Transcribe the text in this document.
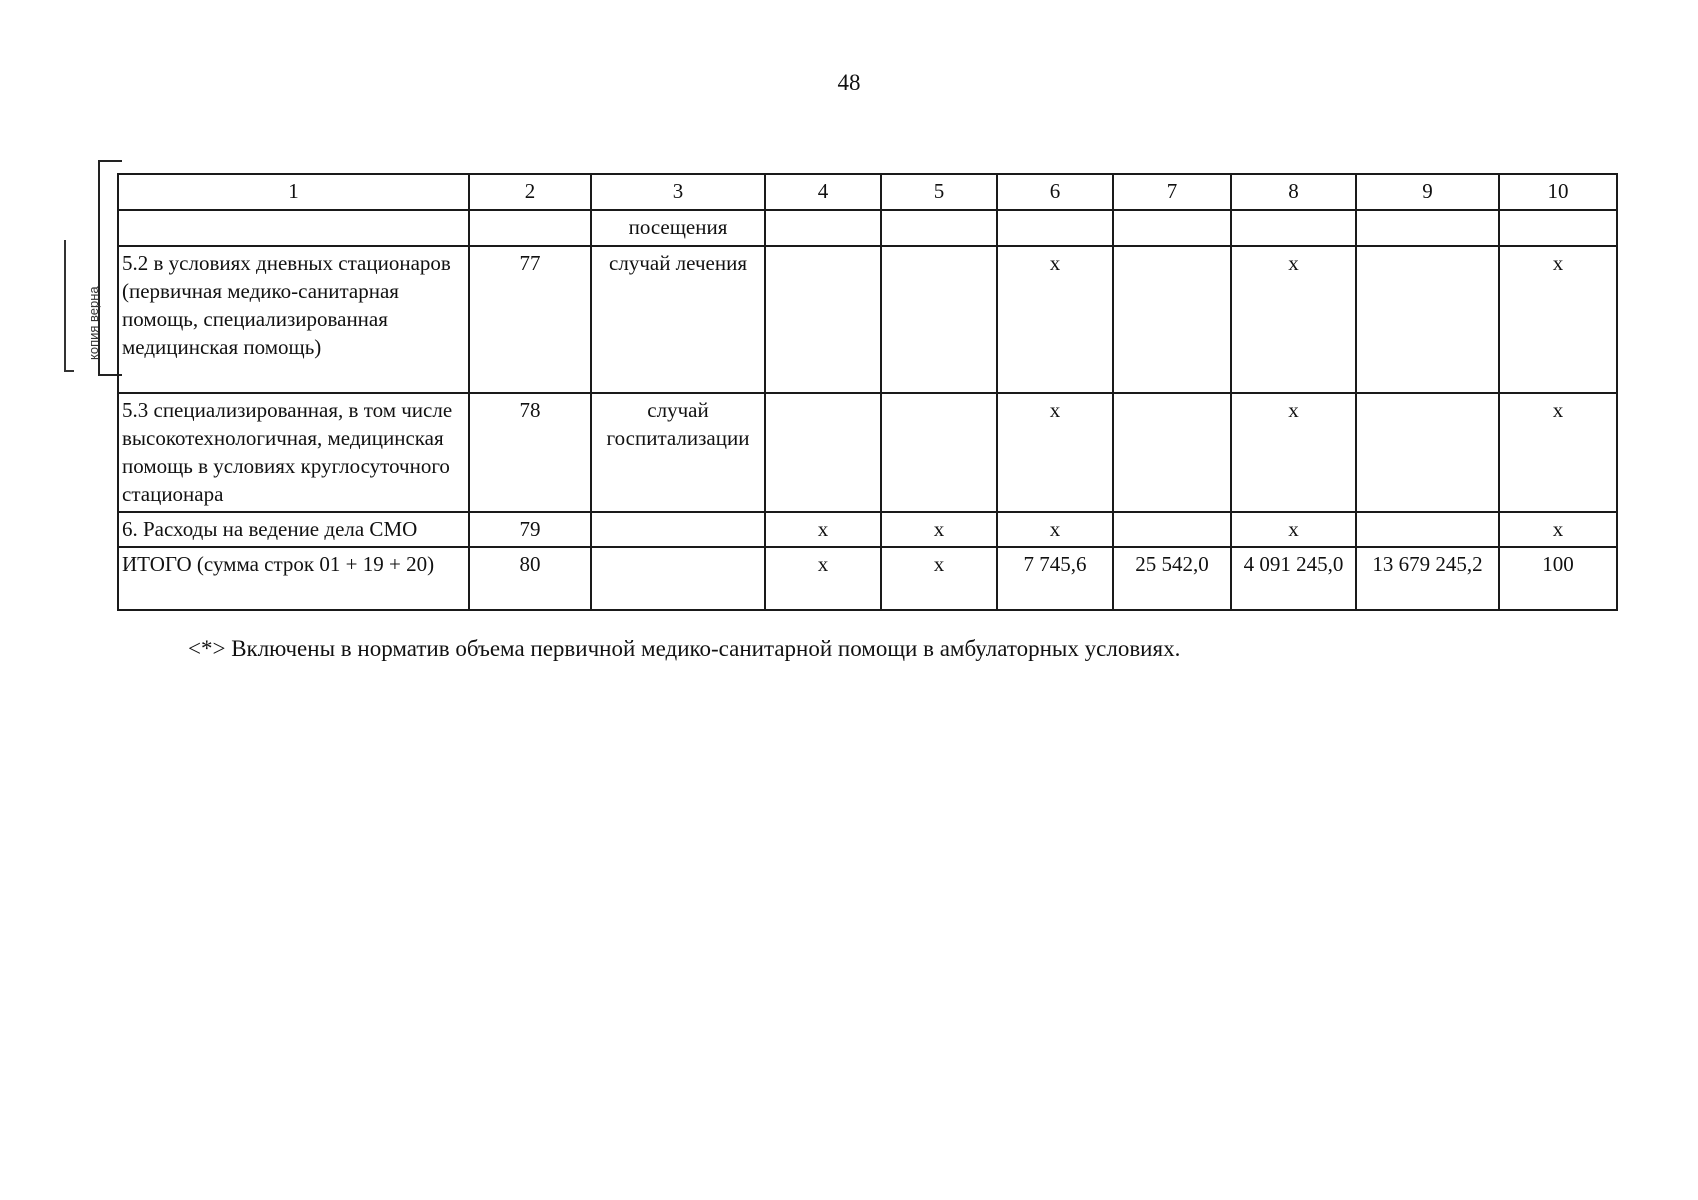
48
копия верна
1	2	3	4	5	6	7	8	9	10
		посещения							
5.2 в условиях дневных стационаров (первичная медико-санитарная помощь, специализированная медицинская помощь)	77	случай лечения			х		х		х
5.3 специализированная, в том числе высокотехнологичная, медицинская помощь в условиях круглосуточного стационара	78	случай госпитализации			х		х		х
6. Расходы на ведение дела СМО	79		х	х	х		х		х
ИТОГО (сумма строк 01 + 19 + 20)	80		х	х	7 745,6	25 542,0	4 091 245,0	13 679 245,2	100
<*> Включены в норматив объема первичной медико-санитарной помощи в амбулаторных условиях.
